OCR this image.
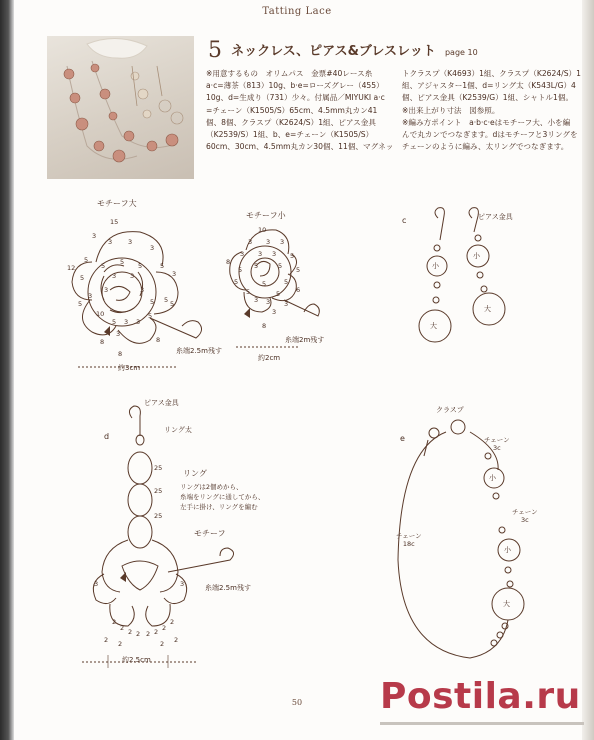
Tatting Lace
5 ネックレス、ピアス&ブレスレット page 10
※用意するもの　オリムパス　金票#40レース糸
a·c=薄茶（813）10g、b·e=ローズグレー（455）
10g、d=生成り（731）少々。付属品／MIYUKI a·c
=チェーン（K1505/S）65cm、4.5mm丸カン41
個、8個、クラスプ（K2624/S）1組、ピアス金具
（K2539/S）1組、b、e=チェーン（K1505/S）
60cm、30cm、4.5mm丸カン30個、11個、マグネッ
トクラスプ（K4693）1組、クラスプ（K2624/S）1
組、アジャスター1個、d=リング太（K543L/G）4
個、ピアス金具（K2539/G）1組、シャトル1個。
※出来上がり寸法　図参照。
※編み方ポイント　a·b·c·eはモチーフ大、小を編
んで丸カンでつなぎます。dはモチーフと3リングを
チェーンのように編み、太リングでつなぎます。
モチーフ大
糸端2.5m残す
約3cm
15
3
3 3
3
5
12	5 5 5	5
5	3 3	3
3	3
3
5	5 5 5
10	5
5 3 3
3
8	8
8
モチーフ小
糸端2m残す
約2cm
10
3 3 3
3 3 3
8
5
5 5	5 5
5	5	5
6
5	5
3 3 3
3
8
c	ピアス金具
小
大
小
大
d
ピアス金具
リング太
リング
リングは2個めから、
糸端をリングに通してから、
左手に掛け、リングを編む
25
25
25
モチーフ
糸端2.5m残す
約2.5cm
3	3
2
2 2 2 2 2 2
2
2 2	2 2
e
クラスプ
チェーン
3c
チェーン
3c
チェーン
18c
小
小
大
50	Postila.ru
